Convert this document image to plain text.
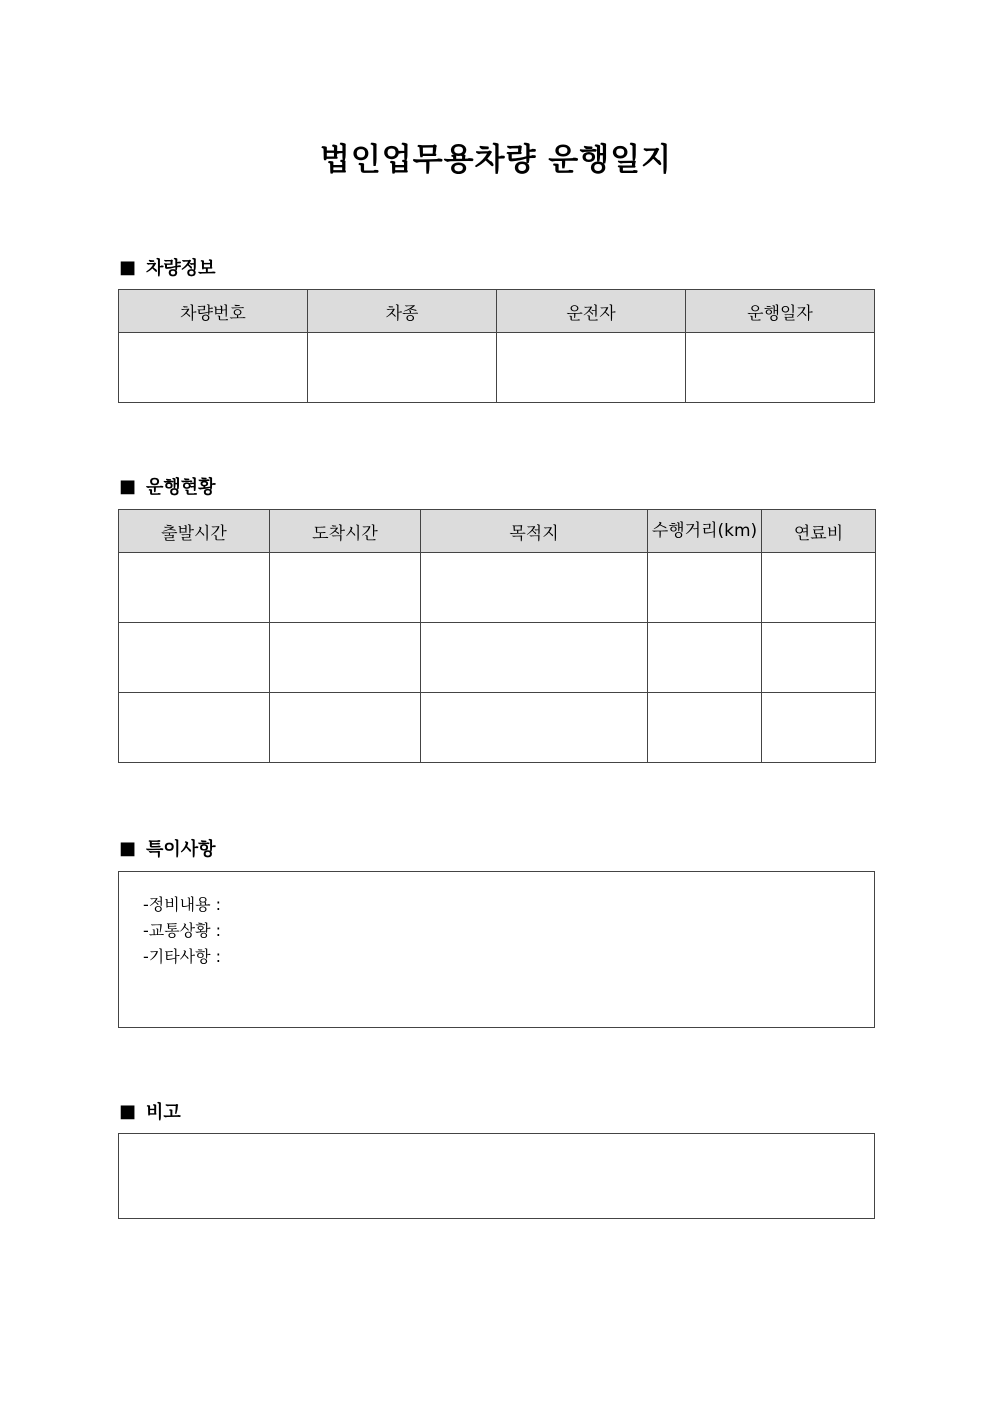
법인업무용차량 운행일지
■ 차량정보
차량번호	차종	운전자	운행일자

■ 운행현황
출발시간	도착시간	목적지	수행거리(km)	연료비

■ 특이사항
-정비내용 :
-교통상황 :
-기타사항 :
■ 비고
